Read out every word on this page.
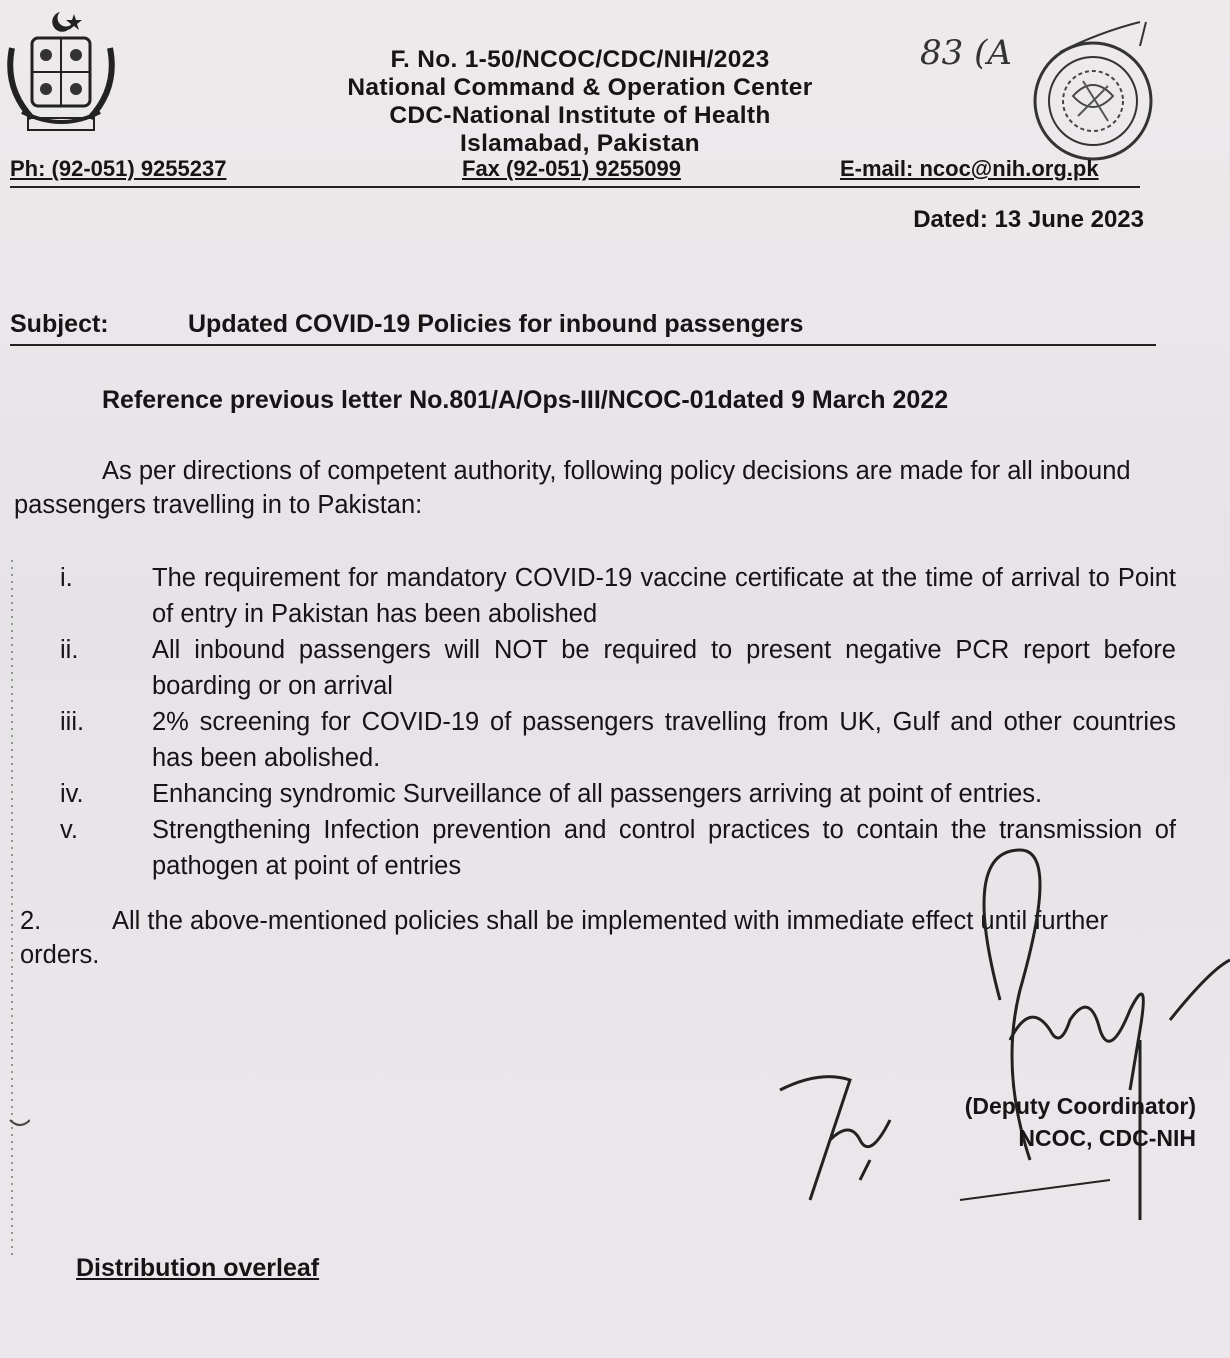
F. No. 1-50/NCOC/CDC/NIH/2023
National Command & Operation Center
CDC-National Institute of Health
Islamabad, Pakistan
83 (A
Ph: (92-051) 9255237	Fax (92-051) 9255099	E-mail: ncoc@nih.org.pk
Dated: 13 June 2023
Subject:	Updated COVID-19 Policies for inbound passengers
Reference previous letter No.801/A/Ops-III/NCOC-01dated 9 March 2022
As per directions of competent authority, following policy decisions are made for all inbound passengers travelling in to Pakistan:
i.	The requirement for mandatory COVID-19 vaccine certificate at the time of arrival to Point of entry in Pakistan has been abolished
ii.	All inbound passengers will NOT be required to present negative PCR report before boarding or on arrival
iii.	2% screening for COVID-19 of passengers travelling from UK, Gulf and other countries has been abolished.
iv.	Enhancing syndromic Surveillance of all passengers arriving at point of entries.
v.	Strengthening Infection prevention and control practices to contain the transmission of pathogen at point of entries
2.	All the above-mentioned policies shall be implemented with immediate effect until further orders.
(Deputy Coordinator)
NCOC, CDC-NIH
Distribution overleaf
